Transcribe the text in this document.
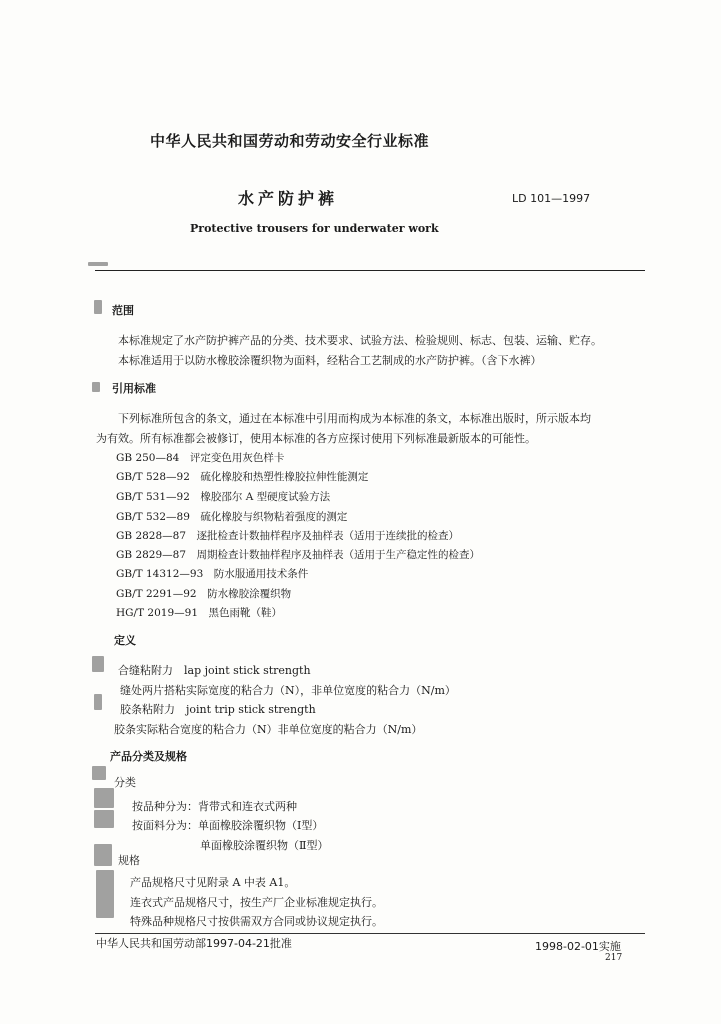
中华人民共和国劳动和劳动安全行业标准
水产防护裤	LD 101—1997
Protective trousers for underwater work
范围
本标准规定了水产防护裤产品的分类、技术要求、试验方法、检验规则、标志、包装、运输、贮存。
本标准适用于以防水橡胶涂覆织物为面料，经粘合工艺制成的水产防护裤。（含下水裤）
引用标准
下列标准所包含的条文，通过在本标准中引用而构成为本标准的条文，本标准出版时，所示版本均
为有效。所有标准都会被修订，使用本标准的各方应探讨使用下列标准最新版本的可能性。
GB 250—84　评定变色用灰色样卡
GB/T 528—92　硫化橡胶和热塑性橡胶拉伸性能测定
GB/T 531—92　橡胶邵尔 A 型硬度试验方法
GB/T 532—89　硫化橡胶与织物粘着强度的测定
GB 2828—87　逐批检查计数抽样程序及抽样表（适用于连续批的检查）
GB 2829—87　周期检查计数抽样程序及抽样表（适用于生产稳定性的检查）
GB/T 14312—93　防水服通用技术条件
GB/T 2291—92　防水橡胶涂覆织物
HG/T 2019—91　黑色雨靴（鞋）
定义
合缝粘附力　lap joint stick strength
缝处两片搭粘实际宽度的粘合力（N），非单位宽度的粘合力（N/m）
胶条粘附力　joint trip stick strength
胶条实际粘合宽度的粘合力（N）非单位宽度的粘合力（N/m）
产品分类及规格
分类
按品种分为：背带式和连衣式两种
按面料分为：单面橡胶涂覆织物（Ⅰ型）
单面橡胶涂覆织物（Ⅱ型）
规格
产品规格尺寸见附录 A 中表 A1。
连衣式产品规格尺寸，按生产厂企业标准规定执行。
特殊品种规格尺寸按供需双方合同或协议规定执行。
中华人民共和国劳动部1997-04-21批准	1998-02-01实施
217
